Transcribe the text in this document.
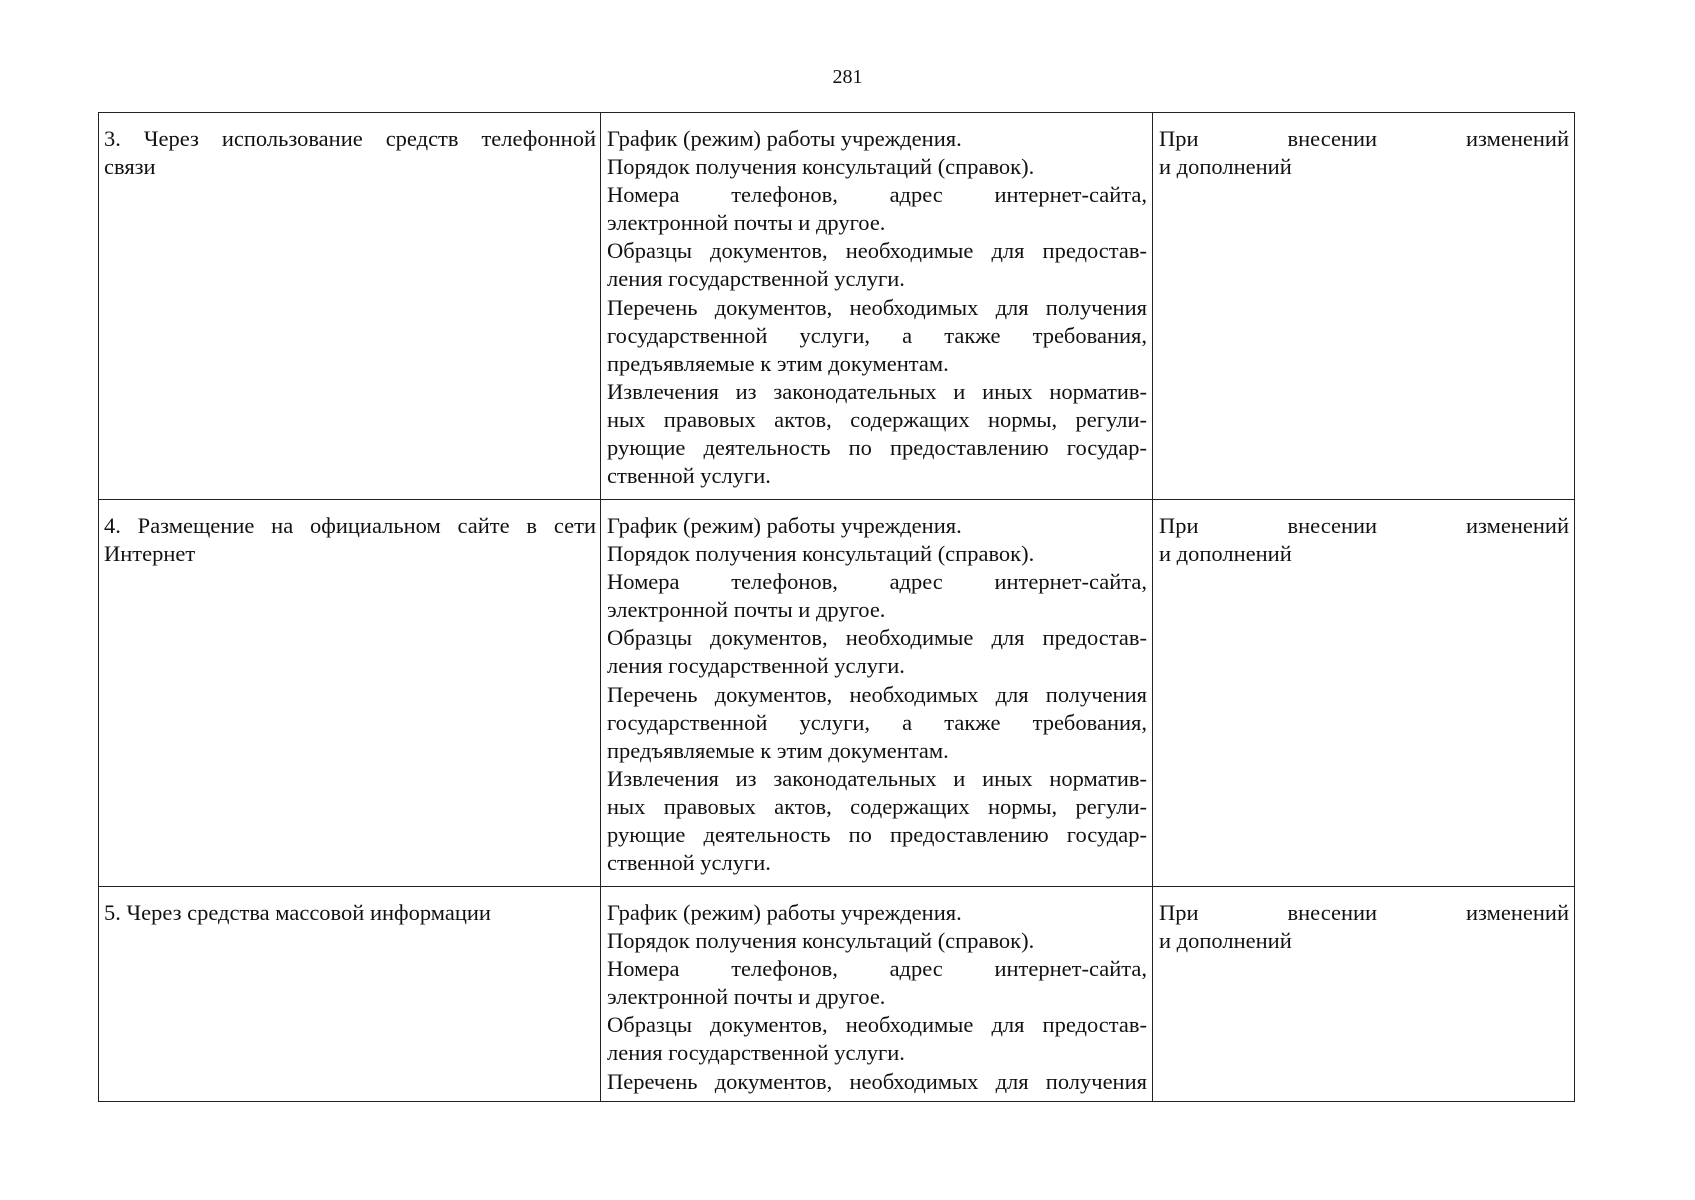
281
3. Через использование средств телефонной
связи
График (режим) работы учреждения.
Порядок получения консультаций (справок).
Номера телефонов, адрес интернет-сайта,
электронной почты и другое.
Образцы документов, необходимые для предостав-
ления государственной услуги.
Перечень документов, необходимых для получения
государственной услуги, а также требования,
предъявляемые к этим документам.
Извлечения из законодательных и иных норматив-
ных правовых актов, содержащих нормы, регули-
рующие деятельность по предоставлению государ-
ственной услуги.
При внесении изменений
и дополнений
4. Размещение на официальном сайте в сети
Интернет
График (режим) работы учреждения.
Порядок получения консультаций (справок).
Номера телефонов, адрес интернет-сайта,
электронной почты и другое.
Образцы документов, необходимые для предостав-
ления государственной услуги.
Перечень документов, необходимых для получения
государственной услуги, а также требования,
предъявляемые к этим документам.
Извлечения из законодательных и иных норматив-
ных правовых актов, содержащих нормы, регули-
рующие деятельность по предоставлению государ-
ственной услуги.
При внесении изменений
и дополнений
5. Через средства массовой информации	График (режим) работы учреждения.
Порядок получения консультаций (справок).
Номера телефонов, адрес интернет-сайта,
электронной почты и другое.
Образцы документов, необходимые для предостав-
ления государственной услуги.
Перечень документов, необходимых для получения
При внесении изменений
и дополнений
